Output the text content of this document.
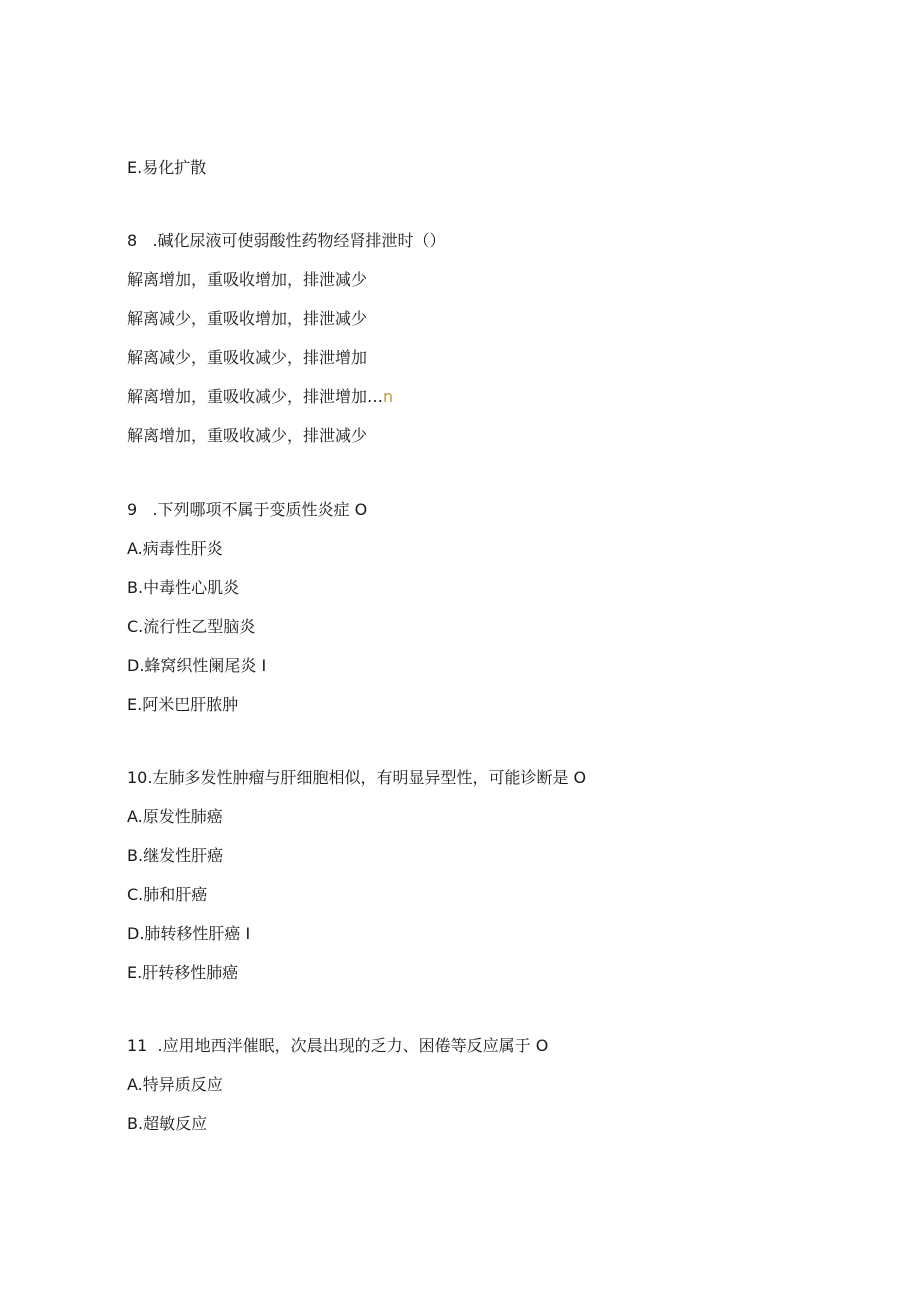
E.易化扩散
8 .碱化尿液可使弱酸性药物经肾排泄时（）
解离增加，重吸收增加，排泄减少
解离减少，重吸收增加，排泄减少
解离减少，重吸收减少，排泄增加
解离增加，重吸收减少，排泄增加…n
解离增加，重吸收减少，排泄减少
9 .下列哪项不属于变质性炎症 O
A.病毒性肝炎
B.中毒性心肌炎
C.流行性乙型脑炎
D.蜂窝织性阑尾炎 I
E.阿米巴肝脓肿
10.左肺多发性肿瘤与肝细胞相似，有明显异型性，可能诊断是 O
A.原发性肺癌
B.继发性肝癌
C.肺和肝癌
D.肺转移性肝癌 I
E.肝转移性肺癌
11 .应用地西泮催眠，次晨出现的乏力、困倦等反应属于 O
A.特异质反应
B.超敏反应
